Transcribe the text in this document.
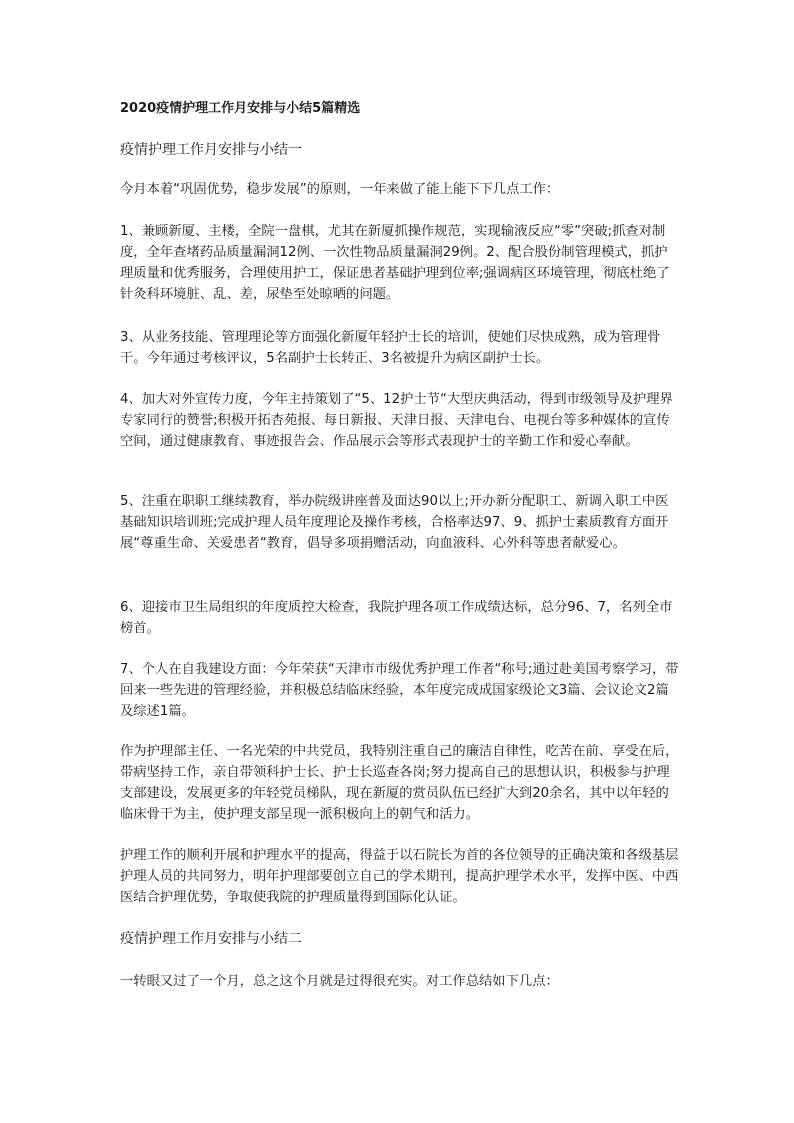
2020疫情护理工作月安排与小结5篇精选
疫情护理工作月安排与小结一

今月本着“巩固优势，稳步发展”的原则，一年来做了能上能下下几点工作：

1、兼顾新厦、主楼，全院一盘棋，尤其在新厦抓操作规范，实现输液反应“零”突破;抓查对制度，全年查堵药品质量漏洞12例、一次性物品质量漏洞29例。2、配合股份制管理模式，抓护理质量和优秀服务，合理使用护工，保证患者基础护理到位率;强调病区环境管理，彻底杜绝了针灸科环境脏、乱、差，尿垫至处晾晒的问题。

3、从业务技能、管理理论等方面强化新厦年轻护士长的培训，使她们尽快成熟，成为管理骨干。今年通过考核评议，5名副护士长转正、3名被提升为病区副护士长。

4、加大对外宣传力度，今年主持策划了“5、12护士节“大型庆典活动，得到市级领导及护理界专家同行的赞誉;积极开拓杏苑报、每日新报、天津日报、天津电台、电视台等多种媒体的宣传空间，通过健康教育、事迹报告会、作品展示会等形式表现护士的辛勤工作和爱心奉献。

5、注重在职职工继续教育，举办院级讲座普及面达90以上;开办新分配职工、新调入职工中医基础知识培训班;完成护理人员年度理论及操作考核，合格率达97、9、抓护士素质教育方面开展“尊重生命、关爱患者“教育，倡导多项捐赠活动，向血液科、心外科等患者献爱心。

6、迎接市卫生局组织的年度质控大检查，我院护理各项工作成绩达标，总分96、7，名列全市榜首。

7、个人在自我建设方面：今年荣获“天津市市级优秀护理工作者“称号;通过赴美国考察学习，带回来一些先进的管理经验，并积极总结临床经验，本年度完成成国家级论文3篇、会议论文2篇及综述1篇。

作为护理部主任、一名光荣的中共党员，我特别注重自己的廉洁自律性，吃苦在前、享受在后，带病坚持工作，亲自带领科护士长、护士长巡查各岗;努力提高自己的思想认识，积极参与护理支部建设，发展更多的年轻党员梯队，现在新厦的赏员队伍已经扩大到20余名，其中以年轻的临床骨干为主，使护理支部呈现一派积极向上的朝气和活力。

护理工作的顺利开展和护理水平的提高，得益于以石院长为首的各位领导的正确决策和各级基层护理人员的共同努力，明年护理部要创立自己的学术期刊，提高护理学术水平，发挥中医、中西医结合护理优势，争取使我院的护理质量得到国际化认证。

疫情护理工作月安排与小结二

一转眼又过了一个月，总之这个月就是过得很充实。对工作总结如下几点：
